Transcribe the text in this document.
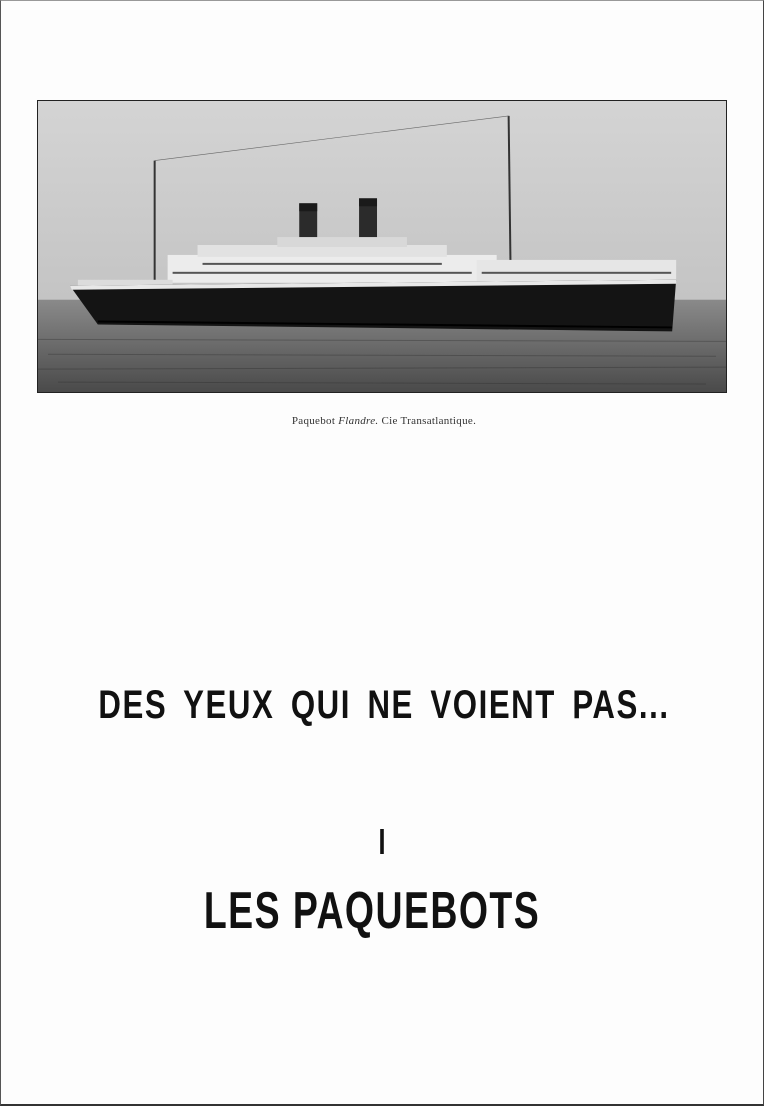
Paquebot Flandre. Cie Transatlantique.
DES YEUX QUI NE VOIENT PAS...
I
LES PAQUEBOTS
